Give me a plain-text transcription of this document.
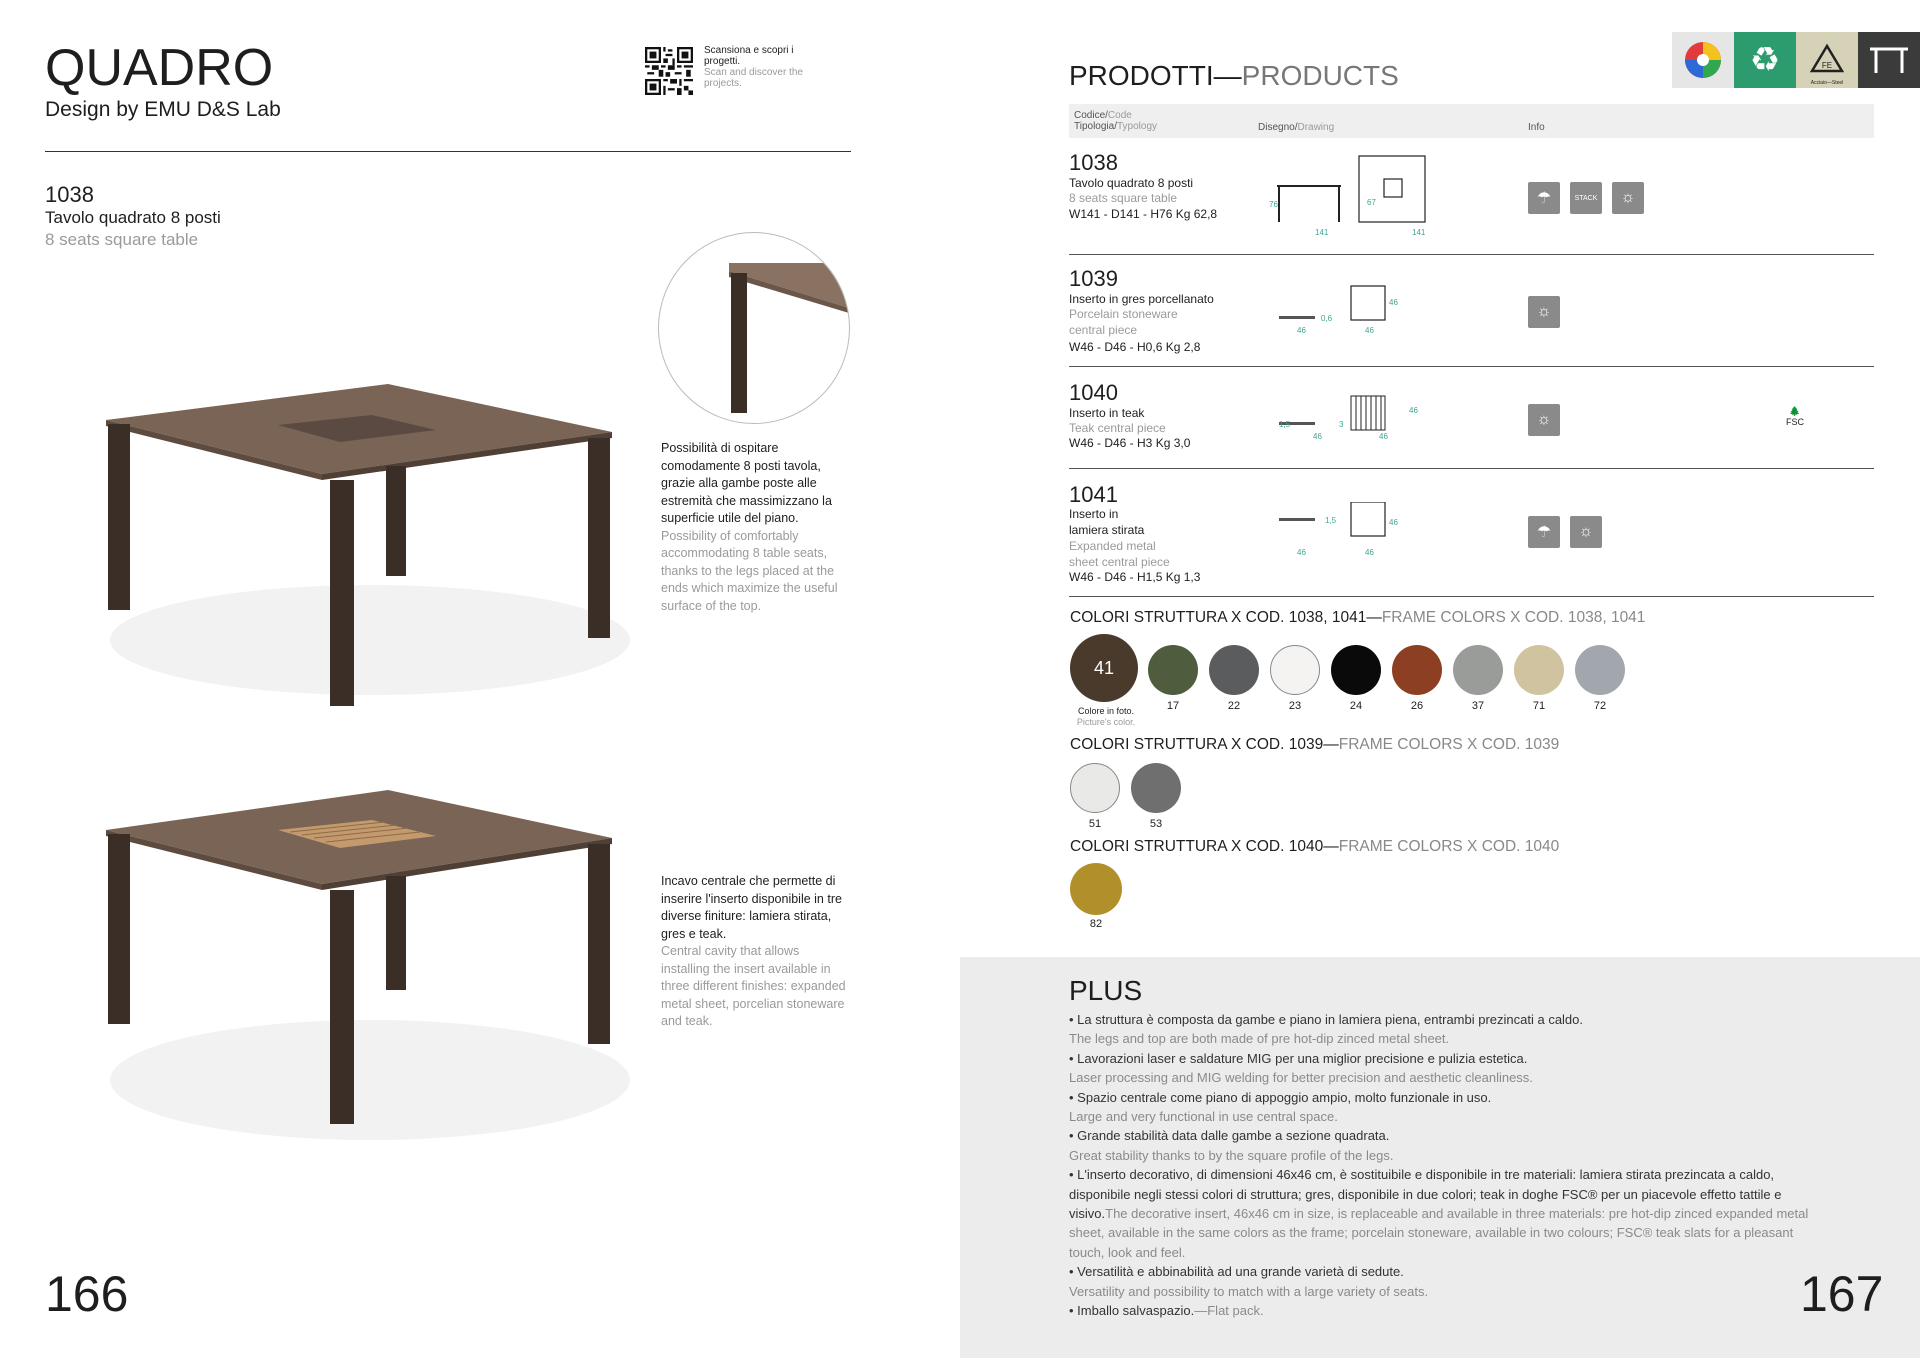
QUADRO
Design by EMU D&S Lab
Scansiona e scopri i progetti.
Scan and discover the projects.
1038
Tavolo quadrato 8 posti
8 seats square table
Possibilità di ospitare comodamente 8 posti tavola, grazie alla gambe poste alle estremità che massimizzano la superficie utile del piano.
Possibility of comfortably accommodating 8 table seats, thanks to the legs placed at the ends which maximize the useful surface of the top.
Incavo centrale che permette di inserire l'inserto disponibile in tre diverse finiture: lamiera stirata, gres e teak.
Central cavity that allows installing the insert available in three different finishes: expanded metal sheet, porcelian stoneware and teak.
166
PRODOTTI—PRODUCTS	♻	FE
Acciaio—Steel
Codice/Code
Tipologia/Typology	Disegno/Drawing	Info
1038
Tavolo quadrato 8 posti
8 seats square table
W141 - D141 - H76 Kg 62,8
76	67
141	141
☂	STACK	☼
1039
Inserto in gres porcellanato
Porcelain stoneware central piece
W46 - D46 - H0,6 Kg 2,8
0,6
46	46
46
☼
1040
Inserto in teak
Teak central piece
W46 - D46 - H3 Kg 3,0
1,5	3
46	46
46
☼	🌲
FSC
1041
Inserto in lamiera stirata
Expanded metal sheet central piece
W46 - D46 - H1,5 Kg 1,3
1,5
46	46
46
☂	☼
COLORI STRUTTURA X COD. 1038, 1041—FRAME COLORS X COD. 1038, 1041
41
Colore in foto.
Picture's color.
17	22	23	24	26	37	71	72
COLORI STRUTTURA X COD. 1039—FRAME COLORS X COD. 1039
51	53
COLORI STRUTTURA X COD. 1040—FRAME COLORS X COD. 1040
82
PLUS
• La struttura è composta da gambe e piano in lamiera piena, entrambi prezincati a caldo.
The legs and top are both made of pre hot-dip zinced metal sheet.
• Lavorazioni laser e saldature MIG per una miglior precisione e pulizia estetica.
Laser processing and MIG welding for better precision and aesthetic cleanliness.
• Spazio centrale come piano di appoggio ampio, molto funzionale in uso.
Large and very functional in use central space.
• Grande stabilità data dalle gambe a sezione quadrata.
Great stability thanks to by the square profile of the legs.
• L'inserto decorativo, di dimensioni 46x46 cm, è sostituibile e disponibile in tre materiali: lamiera stirata prezincata a caldo, disponibile negli stessi colori di struttura; gres, disponibile in due colori; teak in doghe FSC® per un piacevole effetto tattile e visivo.The decorative insert, 46x46 cm in size, is replaceable and available in three materials: pre hot-dip zinced expanded metal sheet, available in the same colors as the frame; porcelain stoneware, available in two colours; FSC® teak slats for a pleasant touch, look and feel.
• Versatilità e abbinabilità ad una grande varietà di sedute.
Versatility and possibility to match with a large variety of seats.
• Imballo salvaspazio.—Flat pack.	167
